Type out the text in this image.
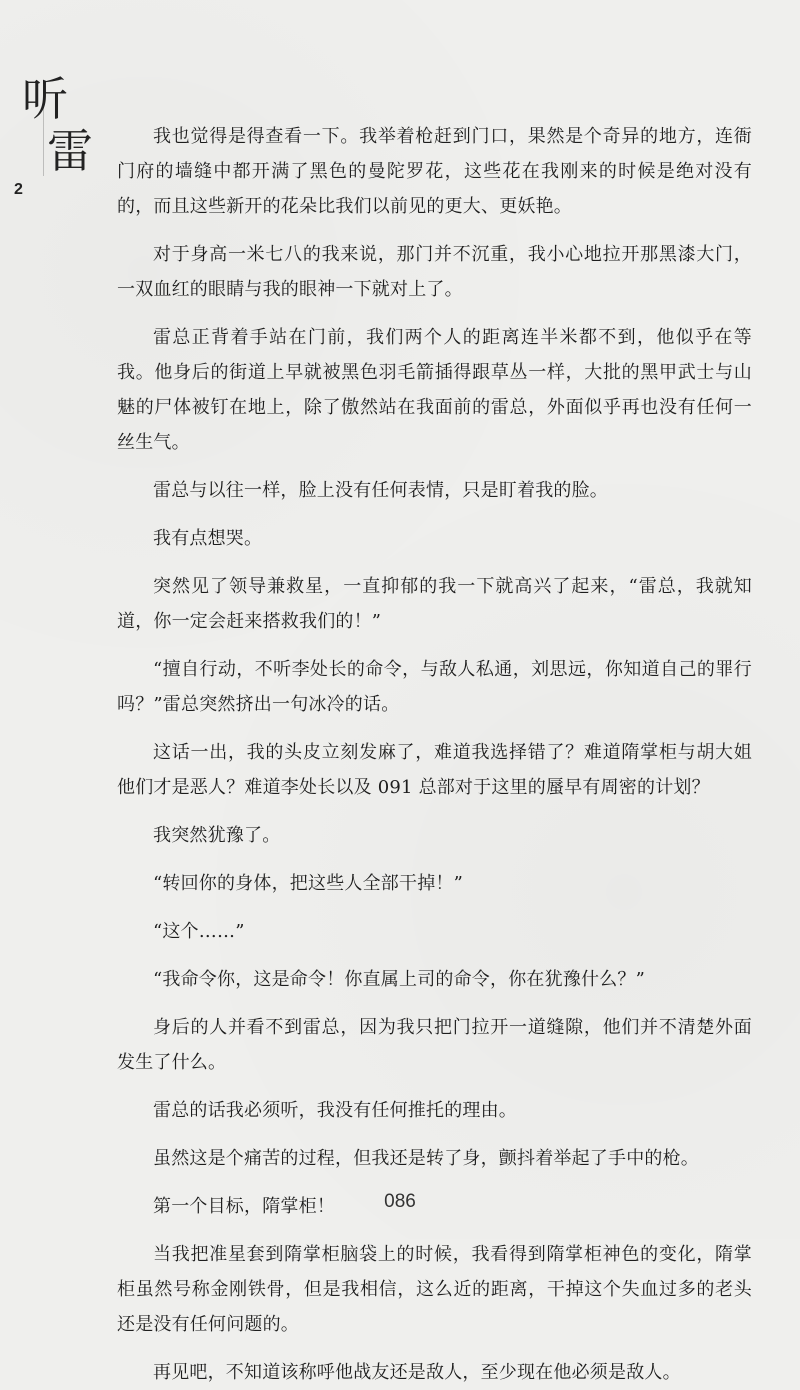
听
雷
2

我也觉得是得查看一下。我举着枪赶到门口，果然是个奇异的地方，连衙门府的墙缝中都开满了黑色的曼陀罗花，这些花在我刚来的时候是绝对没有的，而且这些新开的花朵比我们以前见的更大、更妖艳。

对于身高一米七八的我来说，那门并不沉重，我小心地拉开那黑漆大门，一双血红的眼睛与我的眼神一下就对上了。

雷总正背着手站在门前，我们两个人的距离连半米都不到，他似乎在等我。他身后的街道上早就被黑色羽毛箭插得跟草丛一样，大批的黑甲武士与山魅的尸体被钉在地上，除了傲然站在我面前的雷总，外面似乎再也没有任何一丝生气。

雷总与以往一样，脸上没有任何表情，只是盯着我的脸。

我有点想哭。

突然见了领导兼救星，一直抑郁的我一下就高兴了起来，“雷总，我就知道，你一定会赶来搭救我们的！”

“擅自行动，不听李处长的命令，与敌人私通，刘思远，你知道自己的罪行吗？”雷总突然挤出一句冰冷的话。

这话一出，我的头皮立刻发麻了，难道我选择错了？难道隋掌柜与胡大姐他们才是恶人？难道李处长以及 091 总部对于这里的蜃早有周密的计划？

我突然犹豫了。

“转回你的身体，把这些人全部干掉！”

“这个……”

“我命令你，这是命令！你直属上司的命令，你在犹豫什么？”

身后的人并看不到雷总，因为我只把门拉开一道缝隙，他们并不清楚外面发生了什么。

雷总的话我必须听，我没有任何推托的理由。

虽然这是个痛苦的过程，但我还是转了身，颤抖着举起了手中的枪。

第一个目标，隋掌柜！

当我把准星套到隋掌柜脑袋上的时候，我看得到隋掌柜神色的变化，隋掌柜虽然号称金刚铁骨，但是我相信，这么近的距离，干掉这个失血过多的老头还是没有任何问题的。

再见吧，不知道该称呼他战友还是敌人，至少现在他必须是敌人。

086
